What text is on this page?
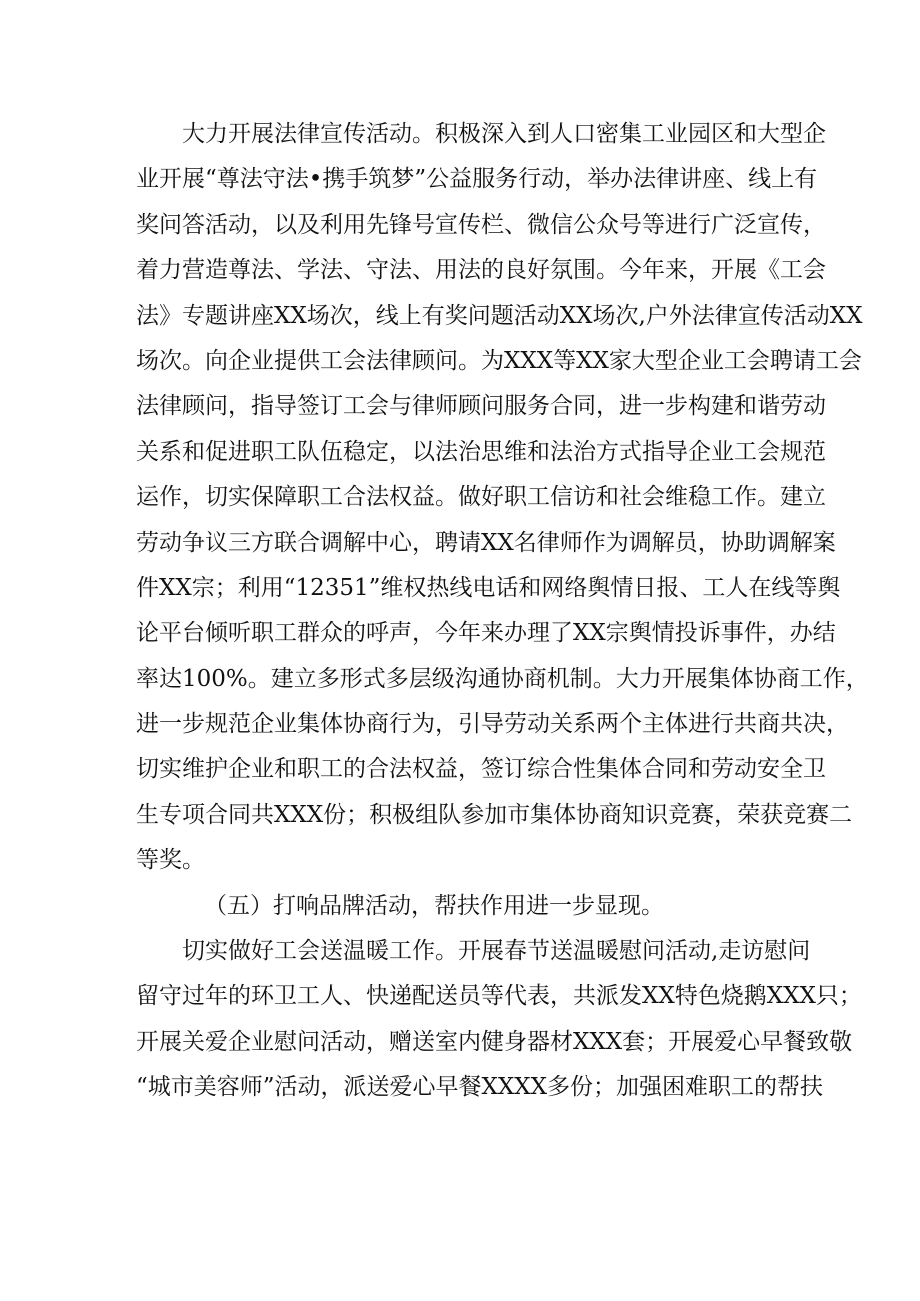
大力开展法律宣传活动。积极深入到人口密集工业园区和大型企
业开展“尊法守法•携手筑梦”公益服务行动，举办法律讲座、线上有
奖问答活动，以及利用先锋号宣传栏、微信公众号等进行广泛宣传，
着力营造尊法、学法、守法、用法的良好氛围。今年来，开展《工会
法》专题讲座XX场次，线上有奖问题活动XX场次,户外法律宣传活动XX
场次。向企业提供工会法律顾问。为XXX等XX家大型企业工会聘请工会
法律顾问，指导签订工会与律师顾问服务合同，进一步构建和谐劳动
关系和促进职工队伍稳定，以法治思维和法治方式指导企业工会规范
运作，切实保障职工合法权益。做好职工信访和社会维稳工作。建立
劳动争议三方联合调解中心，聘请XX名律师作为调解员，协助调解案
件XX宗；利用“12351”维权热线电话和网络舆情日报、工人在线等舆
论平台倾听职工群众的呼声，今年来办理了XX宗舆情投诉事件，办结
率达100%。建立多形式多层级沟通协商机制。大力开展集体协商工作，
进一步规范企业集体协商行为，引导劳动关系两个主体进行共商共决，
切实维护企业和职工的合法权益，签订综合性集体合同和劳动安全卫
生专项合同共XXX份；积极组队参加市集体协商知识竞赛，荣获竞赛二
等奖。
（五）打响品牌活动，帮扶作用进一步显现。
切实做好工会送温暖工作。开展春节送温暖慰问活动,走访慰问
留守过年的环卫工人、快递配送员等代表，共派发XX特色烧鹅XXX只；
开展关爱企业慰问活动，赠送室内健身器材XXX套；开展爱心早餐致敬
“城市美容师”活动，派送爱心早餐XXXX多份；加强困难职工的帮扶
